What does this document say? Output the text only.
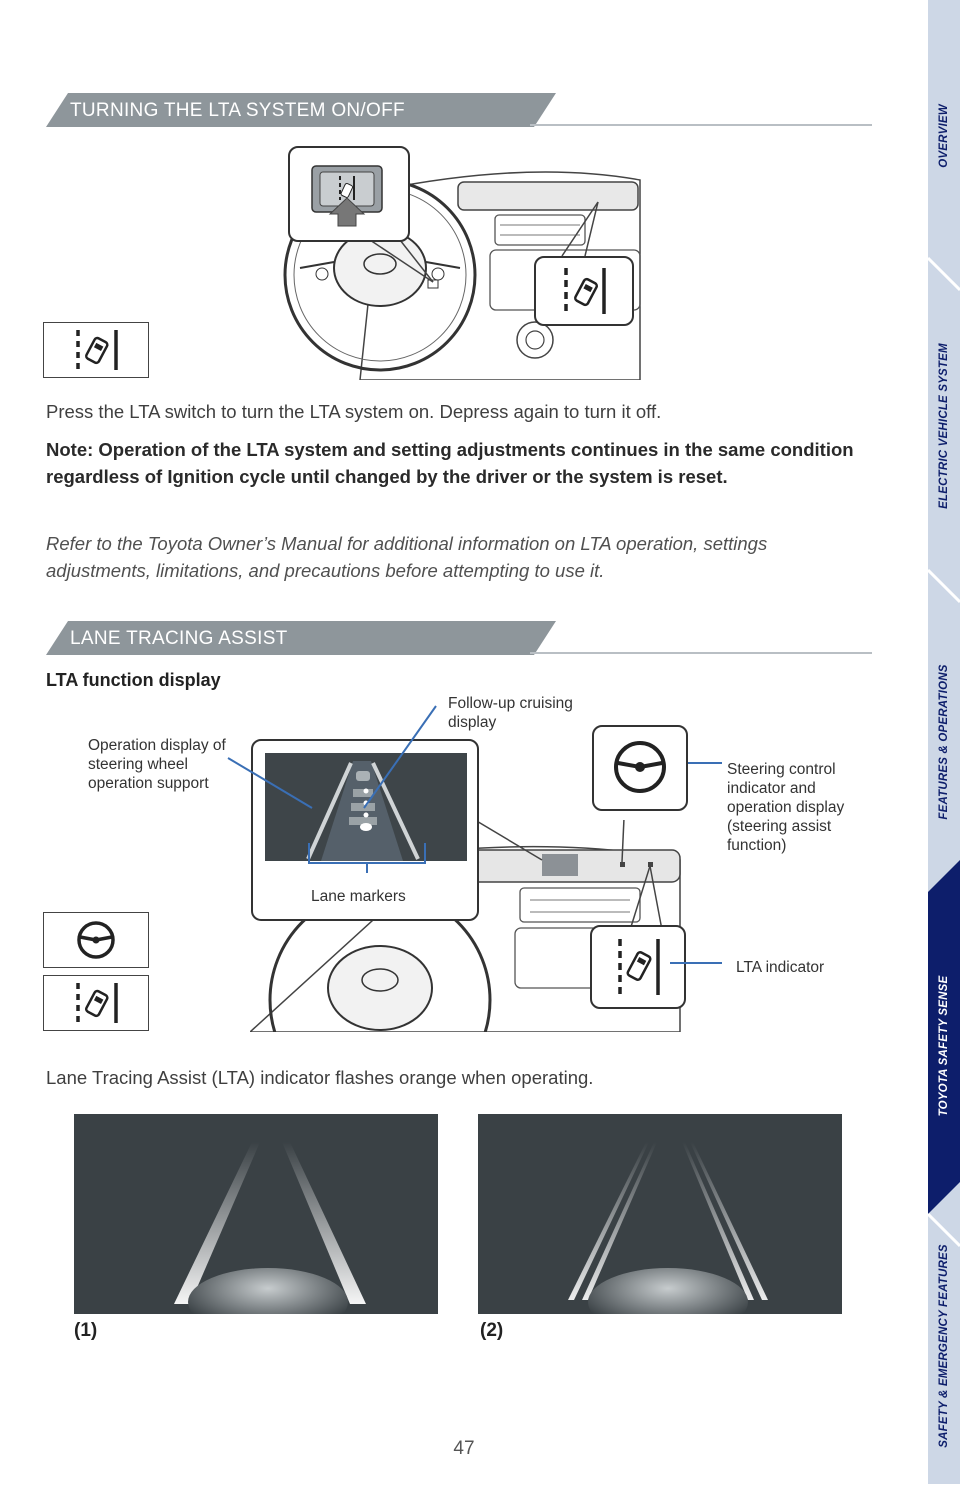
TURNING THE LTA SYSTEM ON/OFF
Press the LTA switch to turn the LTA system on. Depress again to turn it off.
Note: Operation of the LTA system and setting adjustments continues in the same condition regardless of Ignition cycle until changed by the driver or the system is reset.
Refer to the Toyota Owner’s Manual for additional information on LTA operation, settings adjustments, limitations, and precautions before attempting to use it.
LANE TRACING ASSIST
LTA function display
Lane markers
Follow-up cruising display
Operation display of steering wheel operation support
Steering control indicator and operation display (steering assist function)
LTA indicator
Lane Tracing Assist (LTA) indicator flashes orange when operating.
(1)	(2)
47
OVERVIEW
ELECTRIC VEHICLE SYSTEM
FEATURES & OPERATIONS
TOYOTA SAFETY SENSE
SAFETY & EMERGENCY FEATURES
